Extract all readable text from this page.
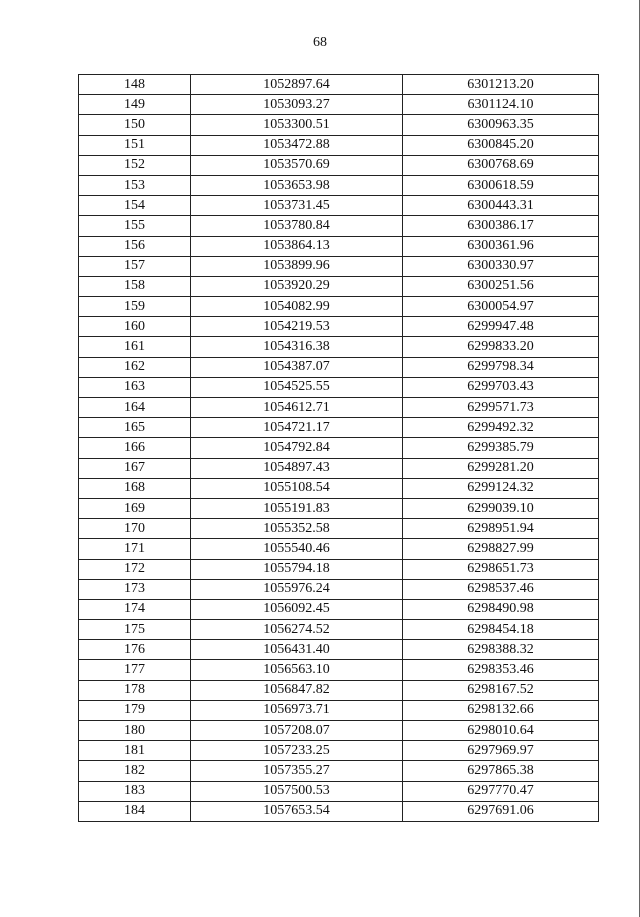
68
148	1052897.64	6301213.20
149	1053093.27	6301124.10
150	1053300.51	6300963.35
151	1053472.88	6300845.20
152	1053570.69	6300768.69
153	1053653.98	6300618.59
154	1053731.45	6300443.31
155	1053780.84	6300386.17
156	1053864.13	6300361.96
157	1053899.96	6300330.97
158	1053920.29	6300251.56
159	1054082.99	6300054.97
160	1054219.53	6299947.48
161	1054316.38	6299833.20
162	1054387.07	6299798.34
163	1054525.55	6299703.43
164	1054612.71	6299571.73
165	1054721.17	6299492.32
166	1054792.84	6299385.79
167	1054897.43	6299281.20
168	1055108.54	6299124.32
169	1055191.83	6299039.10
170	1055352.58	6298951.94
171	1055540.46	6298827.99
172	1055794.18	6298651.73
173	1055976.24	6298537.46
174	1056092.45	6298490.98
175	1056274.52	6298454.18
176	1056431.40	6298388.32
177	1056563.10	6298353.46
178	1056847.82	6298167.52
179	1056973.71	6298132.66
180	1057208.07	6298010.64
181	1057233.25	6297969.97
182	1057355.27	6297865.38
183	1057500.53	6297770.47
184	1057653.54	6297691.06
